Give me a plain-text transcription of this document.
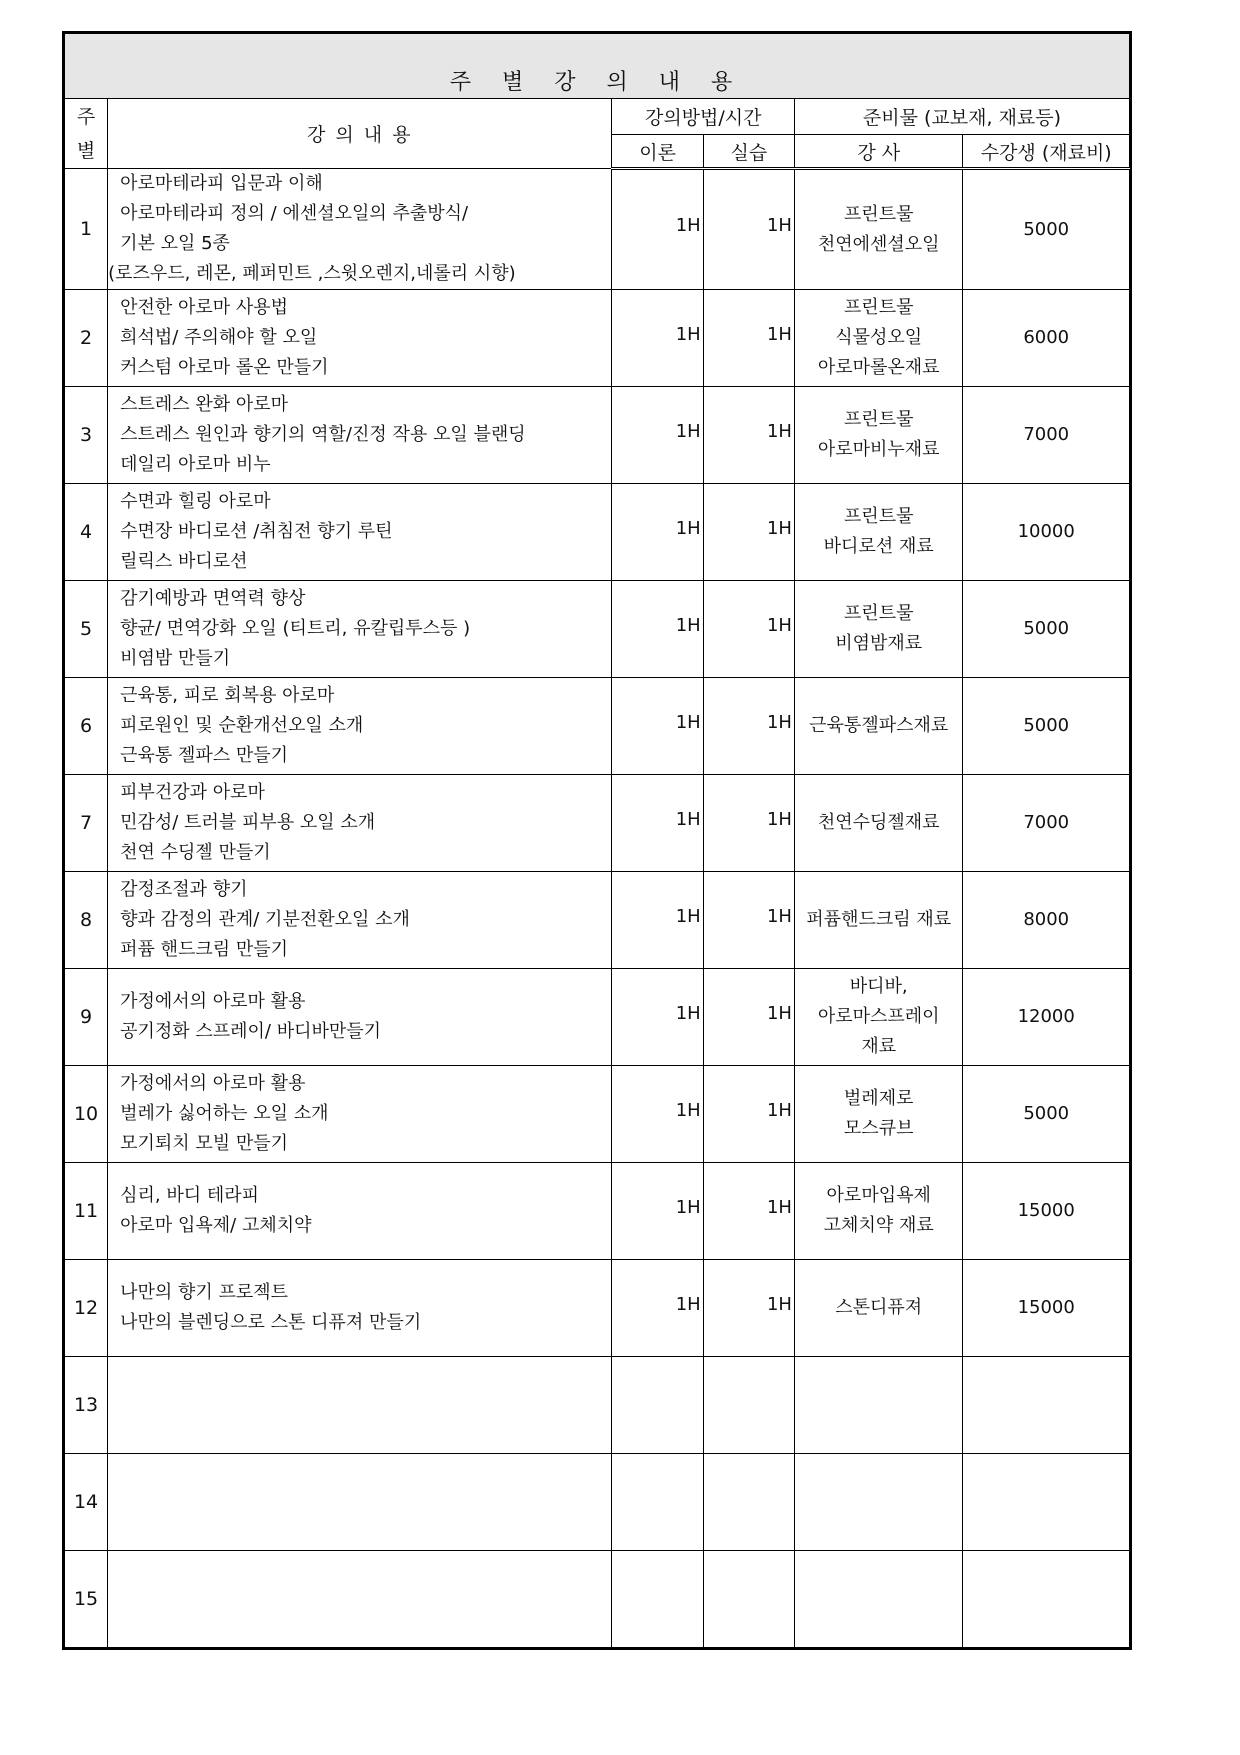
주 별 강 의 내 용					

주
별	강 의 내 용	강의방법/시간		준비물 (교보재, 재료등)	
		이론	실습	강 사	수강생 (재료비)
1	아로마테라피 입문과 이해
아로마테라피 정의 / 에센셜오일의 추출방식/
기본 오일 5종
(로즈우드, 레몬, 페퍼민트 ,스윗오렌지,네롤리 시향)	1H	1H	프린트물
천연에센셜오일	5000
2	안전한 아로마 사용법
희석법/ 주의해야 할 오일
커스텀 아로마 롤온 만들기	1H	1H	프린트물
식물성오일
아로마롤온재료	6000
3	스트레스 완화 아로마
스트레스 원인과 향기의 역할/진정 작용 오일 블랜딩
데일리 아로마 비누	1H	1H	프린트물
아로마비누재료	7000
4	수면과 힐링 아로마
수면장 바디로션 /취침전 향기 루틴
릴릭스 바디로션	1H	1H	프린트물
바디로션 재료	10000
5	감기예방과 면역력 향상
향균/ 면역강화 오일 (티트리, 유칼립투스등 )
비염밤 만들기	1H	1H	프린트물
비염밤재료	5000
6	근육통, 피로 회복용 아로마
피로원인 및 순환개선오일 소개
근육통 젤파스 만들기	1H	1H	근육통젤파스재료	5000
7	피부건강과 아로마
민감성/ 트러블 피부용 오일 소개
천연 수딩젤 만들기	1H	1H	천연수딩젤재료	7000
8	감정조절과 향기
향과 감정의 관계/ 기분전환오일 소개
퍼퓸 핸드크림 만들기	1H	1H	퍼퓸핸드크림 재료	8000
9	가정에서의 아로마 활용
공기정화 스프레이/ 바디바만들기	1H	1H	바디바,
아로마스프레이
재료	12000
10	가정에서의 아로마 활용
벌레가 싫어하는 오일 소개
모기퇴치 모빌 만들기	1H	1H	벌레제로
모스큐브	5000
11	심리, 바디 테라피
아로마 입욕제/ 고체치약	1H	1H	아로마입욕제
고체치약 재료	15000
12	나만의 향기 프로젝트
나만의 블렌딩으로 스톤 디퓨져 만들기	1H	1H	스톤디퓨져	15000
13					
14					
15					
